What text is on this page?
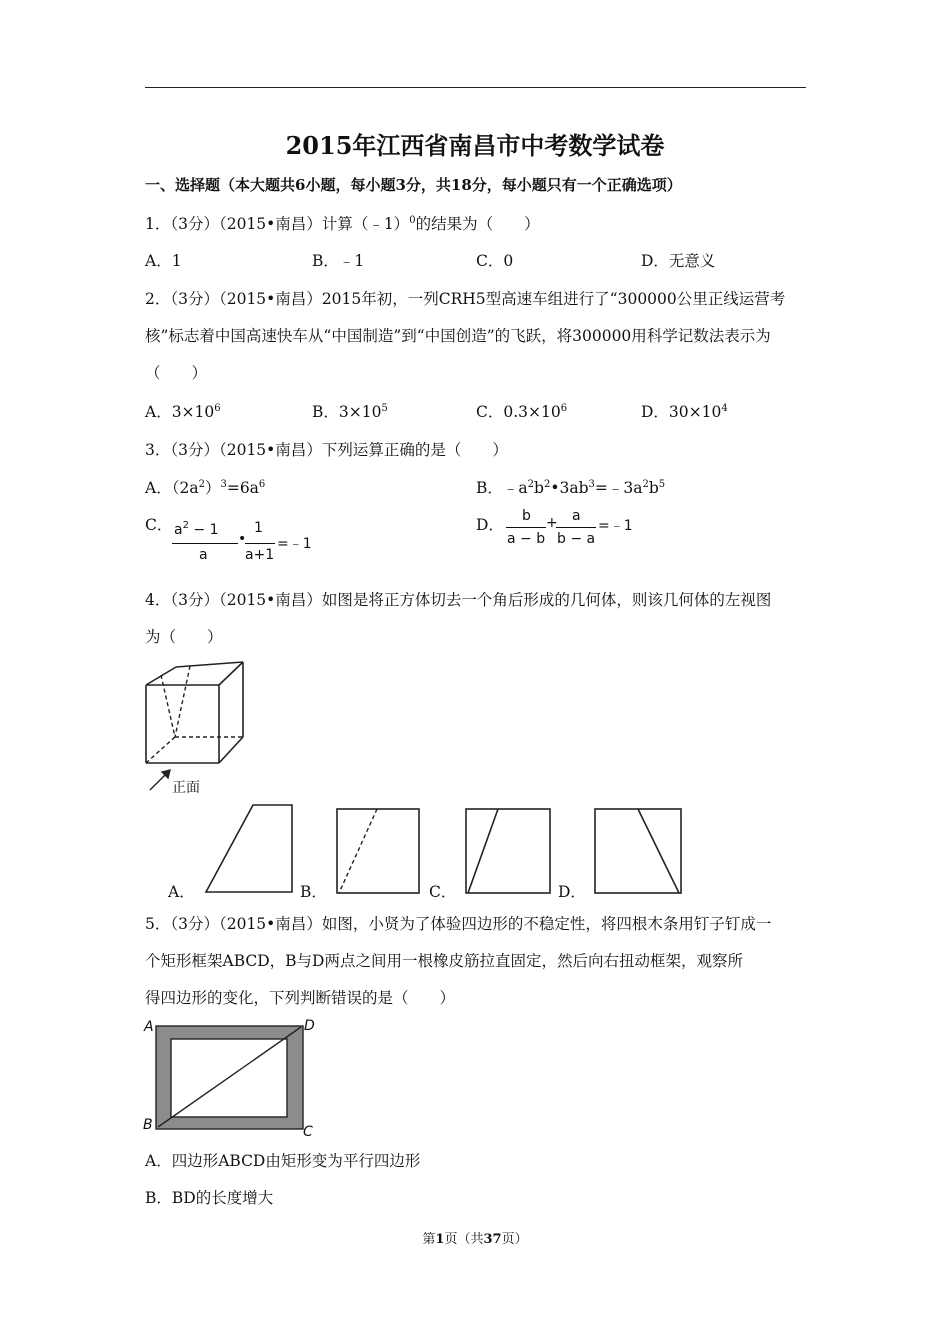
2015年江西省南昌市中考数学试卷
一、选择题（本大题共6小题，每小题3分，共18分，每小题只有一个正确选项）
1．（3分）（2015•南昌）计算（﹣1）$^0$的结果为（　　）
A．1	B．﹣1	C．0	D．无意义
2．（3分）（2015•南昌）2015年初，一列CRH5型高速车组进行了“300000公里正线运营考
核”标志着中国高速快车从“中国制造”到“中国创造”的飞跃，将300000用科学记数法表示为
（　　）
A．$3\times 10^6$	B．$3\times 10^5$	C．$0.3\times 10^6$	D．$30\times 10^4$
3．（3分）（2015•南昌）下列运算正确的是（　　）
A．$(2a^2)^3=6a^6$	B．$﹣a^2b^2•3ab^3=﹣3a^2b^5$
C． $a^2 - 1$
a
•
1
a+1
=﹣1
D． b
a − b
+ a
b − a
=﹣1
4．（3分）（2015•南昌）如图是将正方体切去一个角后形成的几何体，则该几何体的左视图
为（　　）
正面
A．	B．	C．	D．
5．（3分）（2015•南昌）如图，小贤为了体验四边形的不稳定性，将四根木条用钉子钉成一
个矩形框架ABCD，B与D两点之间用一根橡皮筋拉直固定，然后向右扭动框架，观察所
得四边形的变化，下列判断错误的是（　　）
A	D
B	C
A．四边形ABCD由矩形变为平行四边形
B．BD的长度增大
第1页（共37页）
